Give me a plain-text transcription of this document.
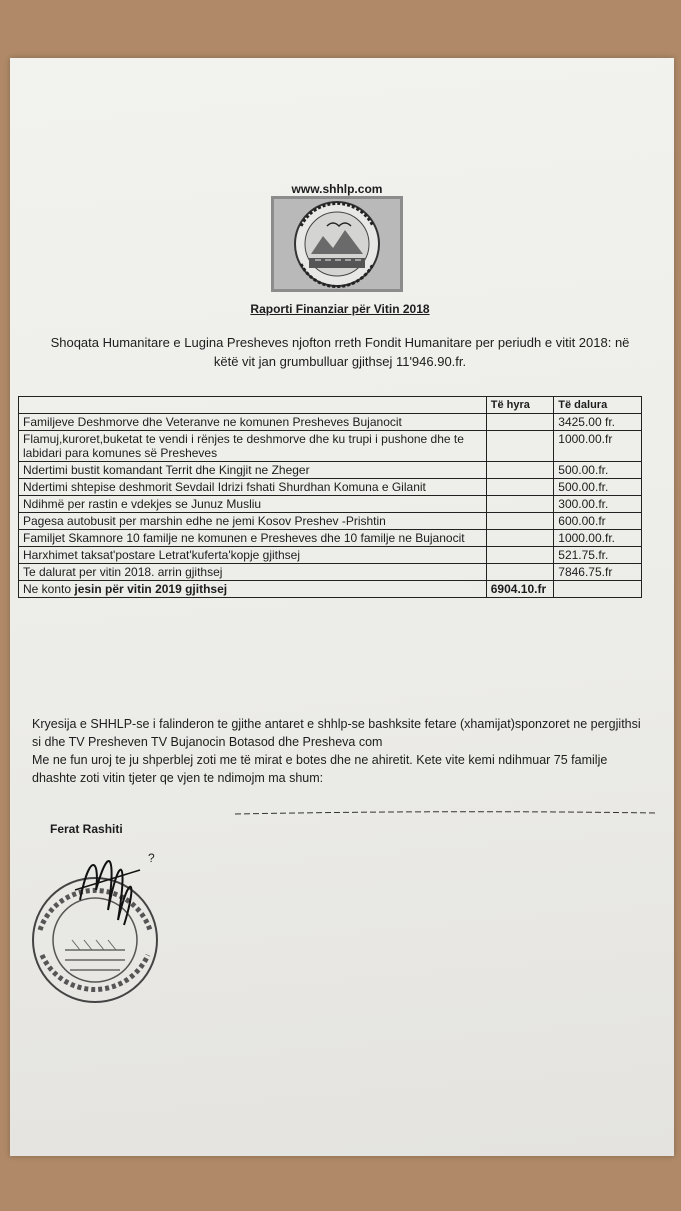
www.shhlp.com
Raporti Finanziar për Vitin 2018
Shoqata Humanitare e Lugina Presheves njofton rreth Fondit Humanitare per periudh e vitit 2018: në këtë vit jan grumbulluar gjithsej 11'946.90.fr.
	Të hyra	Të dalura
Familjeve Deshmorve dhe Veteranve ne komunen Presheves Bujanocit		3425.00 fr.
Flamuj,kuroret,buketat te vendi i rënjes te deshmorve dhe ku trupi i pushone dhe te labidari para komunes së Presheves		1000.00.fr
Ndertimi bustit komandant Territ dhe Kingjit ne Zheger		500.00.fr.
Ndertimi shtepise deshmorit Sevdail Idrizi fshati Shurdhan Komuna e Gilanit		500.00.fr.
Ndihmë per rastin e vdekjes se Junuz Musliu		300.00.fr.
Pagesa autobusit per marshin edhe ne jemi Kosov Preshev -Prishtin		600.00.fr
Familjet Skamnore 10 familje ne komunen e Presheves dhe 10 familje ne Bujanocit		1000.00.fr.
Harxhimet taksat'postare Letrat'kuferta'kopje gjithsej		521.75.fr.
Te dalurat per vitin 2018. arrin gjithsej		7846.75.fr
Ne konto jesin për vitin 2019 gjithsej	6904.10.fr	

Kryesija e SHHLP-se i falinderon te gjithe antaret e shhlp-se bashksite fetare (xhamijat)sponzoret ne pergjithsi si dhe TV Presheven TV Bujanocin Botasod dhe Presheva com

Me ne fun uroj te ju shperblej zoti me të mirat e botes dhe ne ahiretit. Kete vite kemi ndihmuar 75 familje dhashte zoti vitin tjeter qe vjen te ndimojm ma shum:

Ferat Rashiti
?
